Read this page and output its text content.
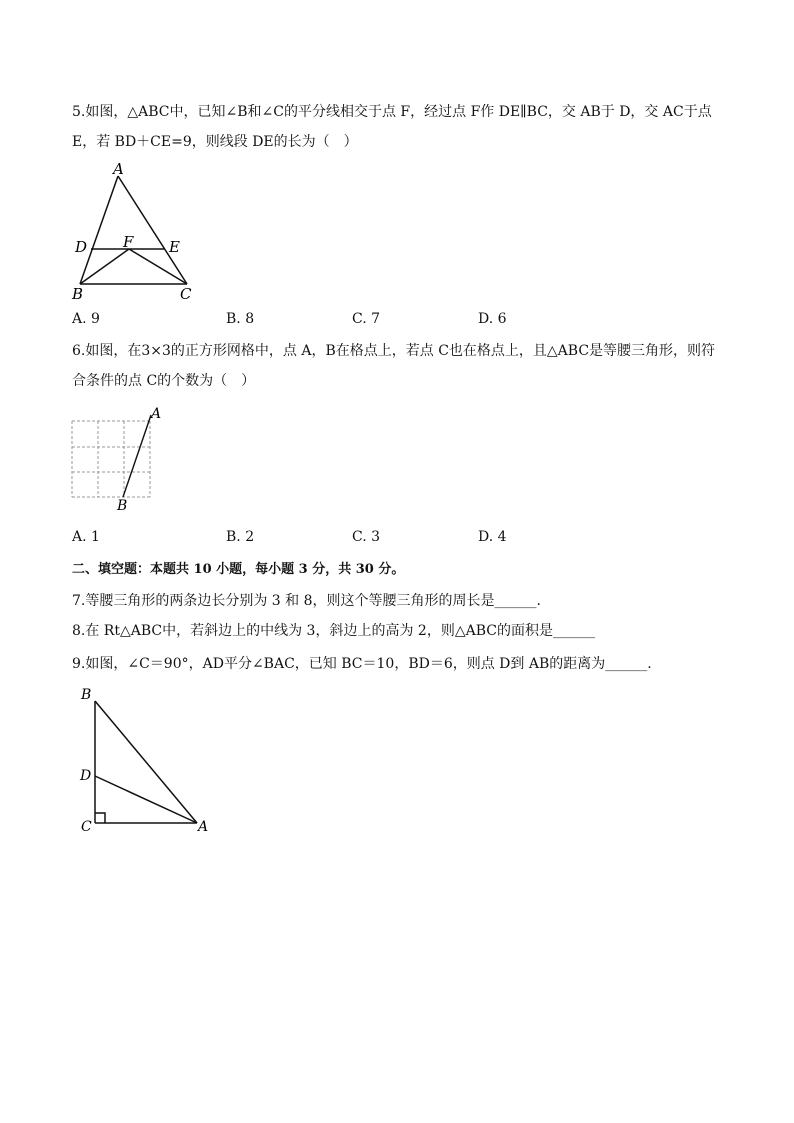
5.如图，△ABC中，已知∠B和∠C的平分线相交于点 F，经过点 F作 DE∥BC，交 AB于 D，交 AC于点
E，若 BD＋CE=9，则线段 DE的长为（　）
A
D F E
B	C
A. 9	B. 8	C. 7	D. 6
6.如图，在3×3的正方形网格中，点 A，B在格点上，若点 C也在格点上，且△ABC是等腰三角形，则符
合条件的点 C的个数为（　）
A
B
A. 1	B. 2	C. 3	D. 4
二、填空题：本题共 10 小题，每小题 3 分，共 30 分。
7.等腰三角形的两条边长分别为 3 和 8，则这个等腰三角形的周长是______.
8.在 Rt△ABC中，若斜边上的中线为 3，斜边上的高为 2，则△ABC的面积是______
9.如图，∠C＝90°，AD平分∠BAC，已知 BC＝10，BD＝6，则点 D到 AB的距离为______.
B
D
C	A
